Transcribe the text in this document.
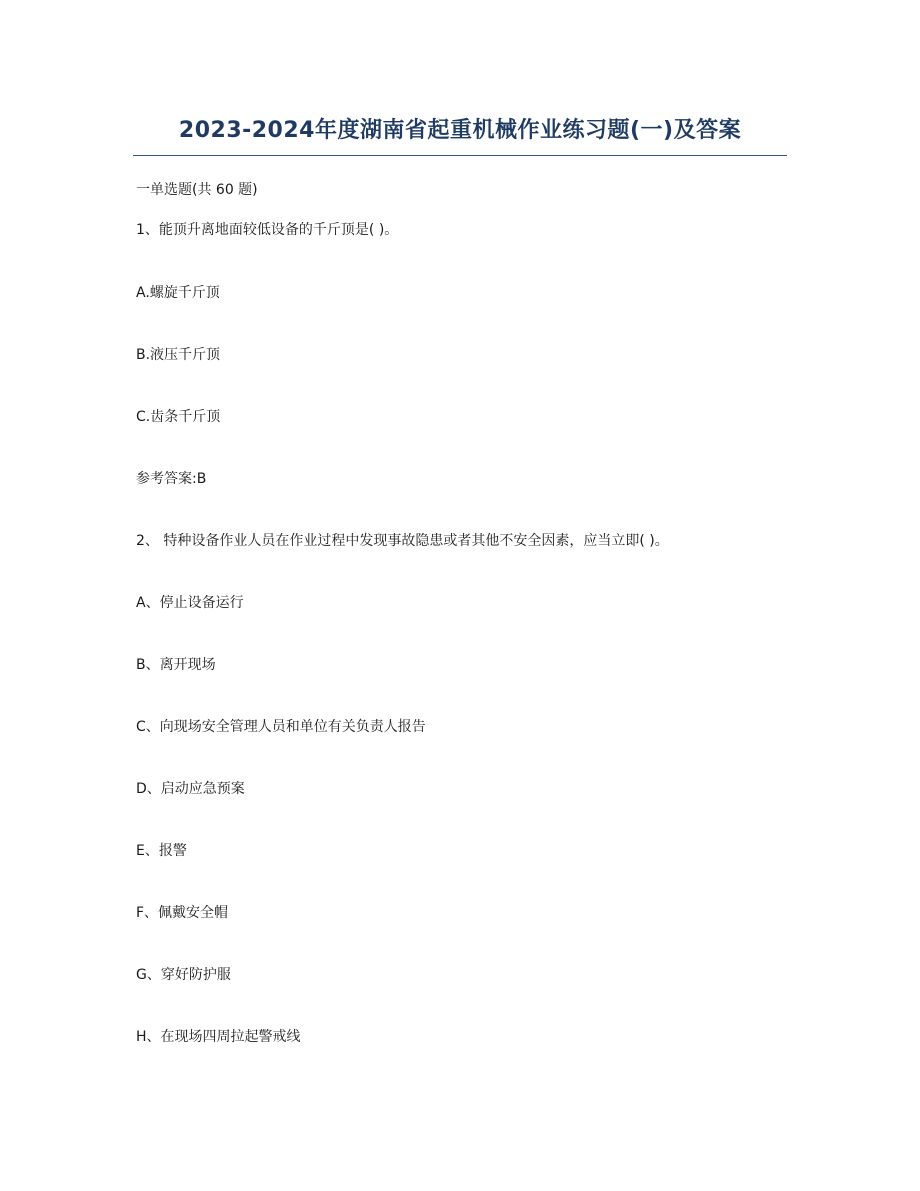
2023-2024年度湖南省起重机械作业练习题(一)及答案
一单选题(共 60 题)
1、能顶升离地面较低设备的千斤顶是( )。
A.螺旋千斤顶
B.液压千斤顶
C.齿条千斤顶
参考答案:B
2、 特种设备作业人员在作业过程中发现事故隐患或者其他不安全因素，应当立即( )。
A、停止设备运行
B、离开现场
C、向现场安全管理人员和单位有关负责人报告
D、启动应急预案
E、报警
F、佩戴安全帽
G、穿好防护服
H、在现场四周拉起警戒线
